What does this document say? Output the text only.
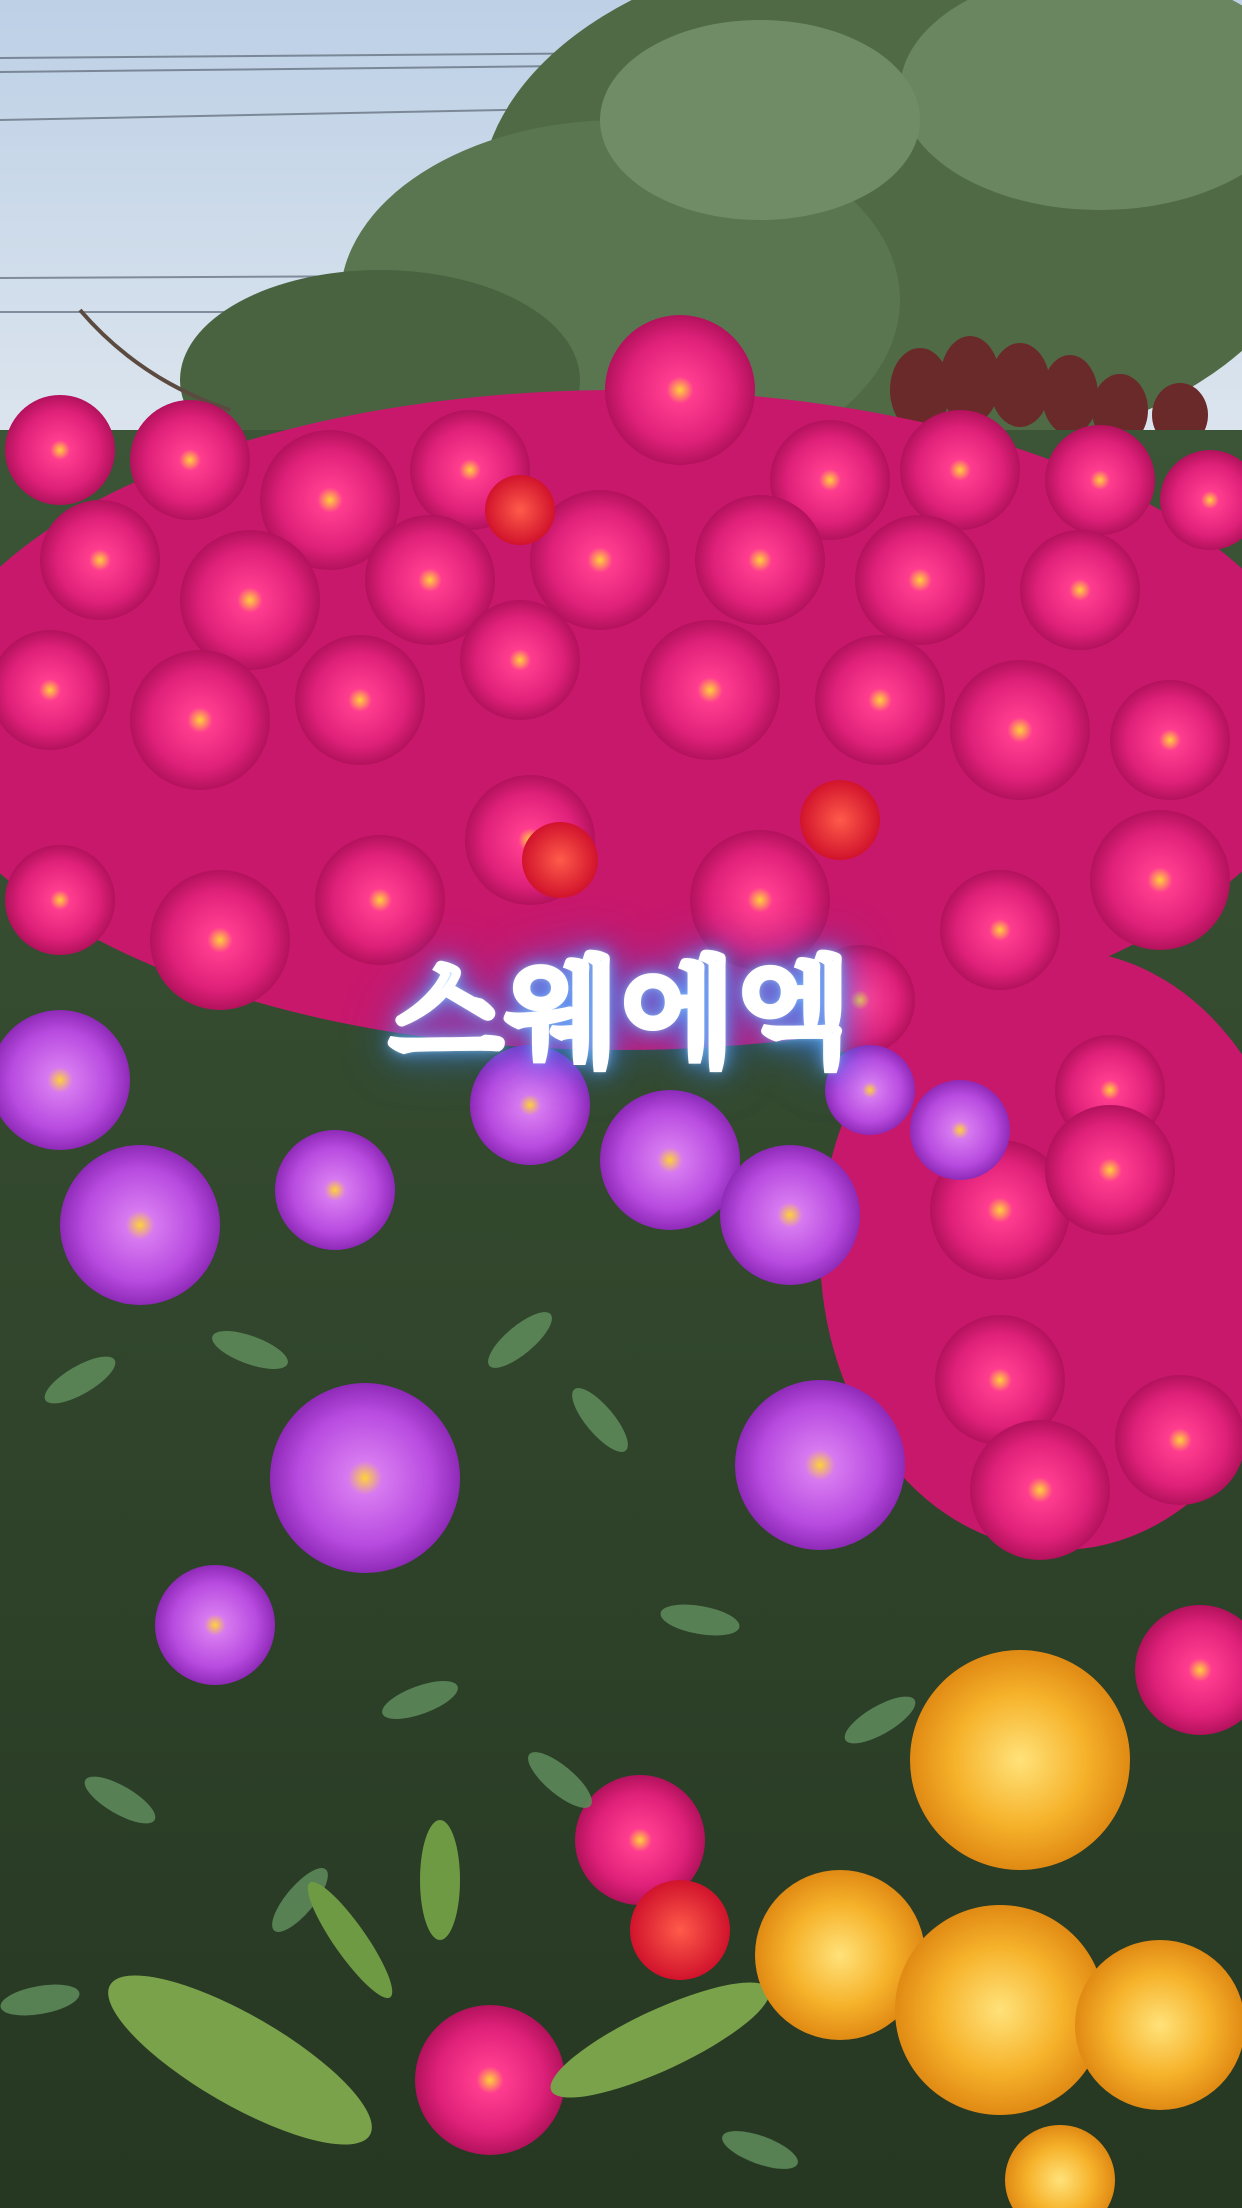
스웨에엑
